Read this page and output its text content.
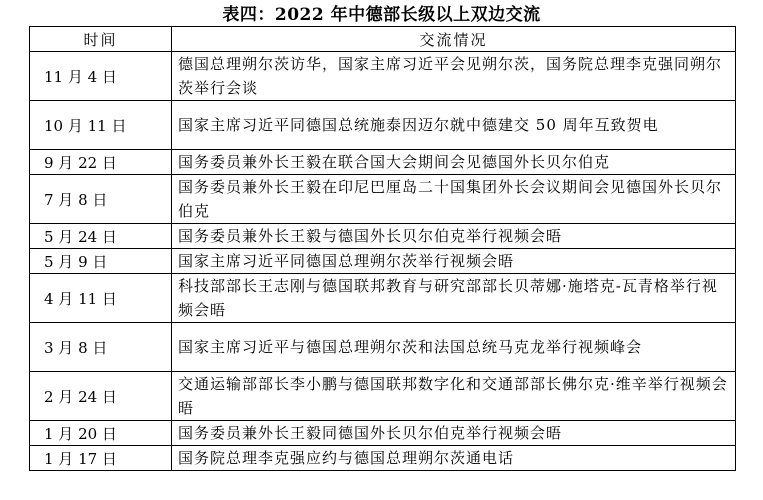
表四：2022 年中德部长级以上双边交流
时间	交流情况
11 月 4 日	德国总理朔尔茨访华，国家主席习近平会见朔尔茨，国务院总理李克强同朔尔茨举行会谈
10 月 11 日	国家主席习近平同德国总统施泰因迈尔就中德建交 50 周年互致贺电
9 月 22 日	国务委员兼外长王毅在联合国大会期间会见德国外长贝尔伯克
7 月 8 日	国务委员兼外长王毅在印尼巴厘岛二十国集团外长会议期间会见德国外长贝尔伯克
5 月 24 日	国务委员兼外长王毅与德国外长贝尔伯克举行视频会晤
5 月 9 日	国家主席习近平同德国总理朔尔茨举行视频会晤
4 月 11 日	科技部部长王志刚与德国联邦教育与研究部部长贝蒂娜·施塔克-瓦青格举行视频会晤
3 月 8 日	国家主席习近平与德国总理朔尔茨和法国总统马克龙举行视频峰会
2 月 24 日	交通运输部部长李小鹏与德国联邦数字化和交通部部长佛尔克·维辛举行视频会晤
1 月 20 日	国务委员兼外长王毅同德国外长贝尔伯克举行视频会晤
1 月 17 日	国务院总理李克强应约与德国总理朔尔茨通电话
